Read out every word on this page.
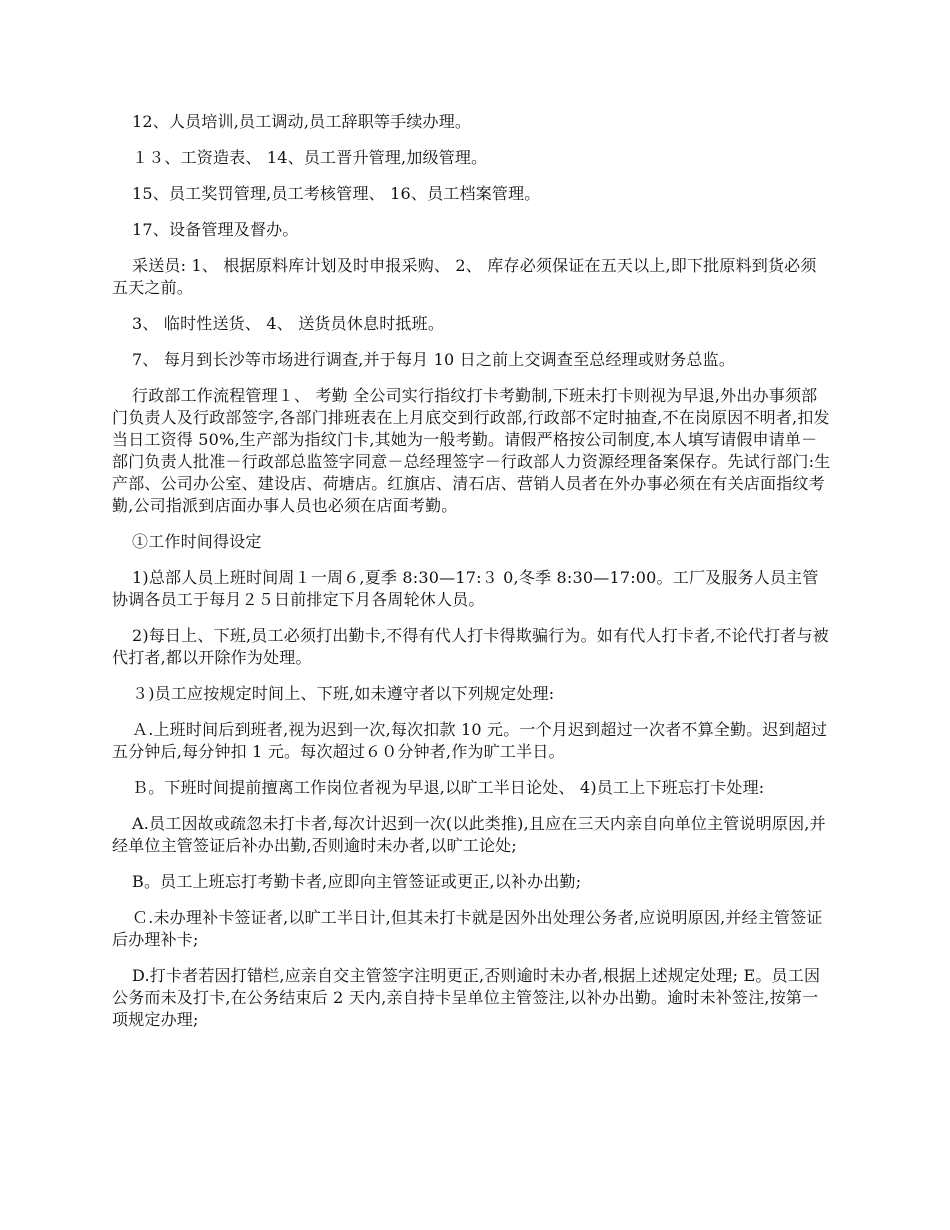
12、人员培训,员工调动,员工辞职等手续办理。

１３、工资造表、 14、员工晋升管理,加级管理。

15、员工奖罚管理,员工考核管理、 16、员工档案管理。

17、设备管理及督办。

采送员: 1、 根据原料库计划及时申报采购、 2、 库存必须保证在五天以上,即下批原料到货必须 五天之前。

3、 临时性送货、 4、 送货员休息时抵班。

7、 每月到长沙等市场进行调查,并于每月 10 日之前上交调查至总经理或财务总监。

行政部工作流程管理１、 考勤 全公司实行指纹打卡考勤制,下班未打卡则视为早退,外出办事须部门负责人及行政部签字,各部门排班表在上月底交到行政部,行政部不定时抽查,不在岗原因不明者,扣发当日工资得 50%,生产部为指纹门卡,其她为一般考勤。请假严格按公司制度,本人填写请假申请单－部门负责人批准－行政部总监签字同意－总经理签字－行政部人力资源经理备案保存。先试行部门:生产部、公司办公室、建设店、荷塘店。红旗店、清石店、营销人员者在外办事必须在有关店面指纹考勤,公司指派到店面办事人员也必须在店面考勤。

①工作时间得设定

1)总部人员上班时间周１一周６,夏季 8:30—17:３ 0,冬季 8:30—17:00。工厂及服务人员主管协调各员工于每月２５日前排定下月各周轮休人员。

2)每日上、下班,员工必须打出勤卡,不得有代人打卡得欺骗行为。如有代人打卡者,不论代打者与被代打者,都以开除作为处理。

３)员工应按规定时间上、下班,如未遵守者以下列规定处理:

Ａ.上班时间后到班者,视为迟到一次,每次扣款 10 元。一个月迟到超过一次者不算全勤。迟到超过五分钟后,每分钟扣 1 元。每次超过６０分钟者,作为旷工半日。

Ｂ。下班时间提前擅离工作岗位者视为早退,以旷工半日论处、 4)员工上下班忘打卡处理:

A.员工因故或疏忽未打卡者,每次计迟到一次(以此类推),且应在三天内亲自向单位主管说明原因,并经单位主管签证后补办出勤,否则逾时未办者,以旷工论处;

B。员工上班忘打考勤卡者,应即向主管签证或更正,以补办出勤;

Ｃ.未办理补卡签证者,以旷工半日计,但其未打卡就是因外出处理公务者,应说明原因,并经主管签证后办理补卡;

D.打卡者若因打错栏,应亲自交主管签字注明更正,否则逾时未办者,根据上述规定处理; E。员工因公务而未及打卡,在公务结束后 2 天内,亲自持卡呈单位主管签注,以补办出勤。逾时未补签注,按第一项规定办理;
